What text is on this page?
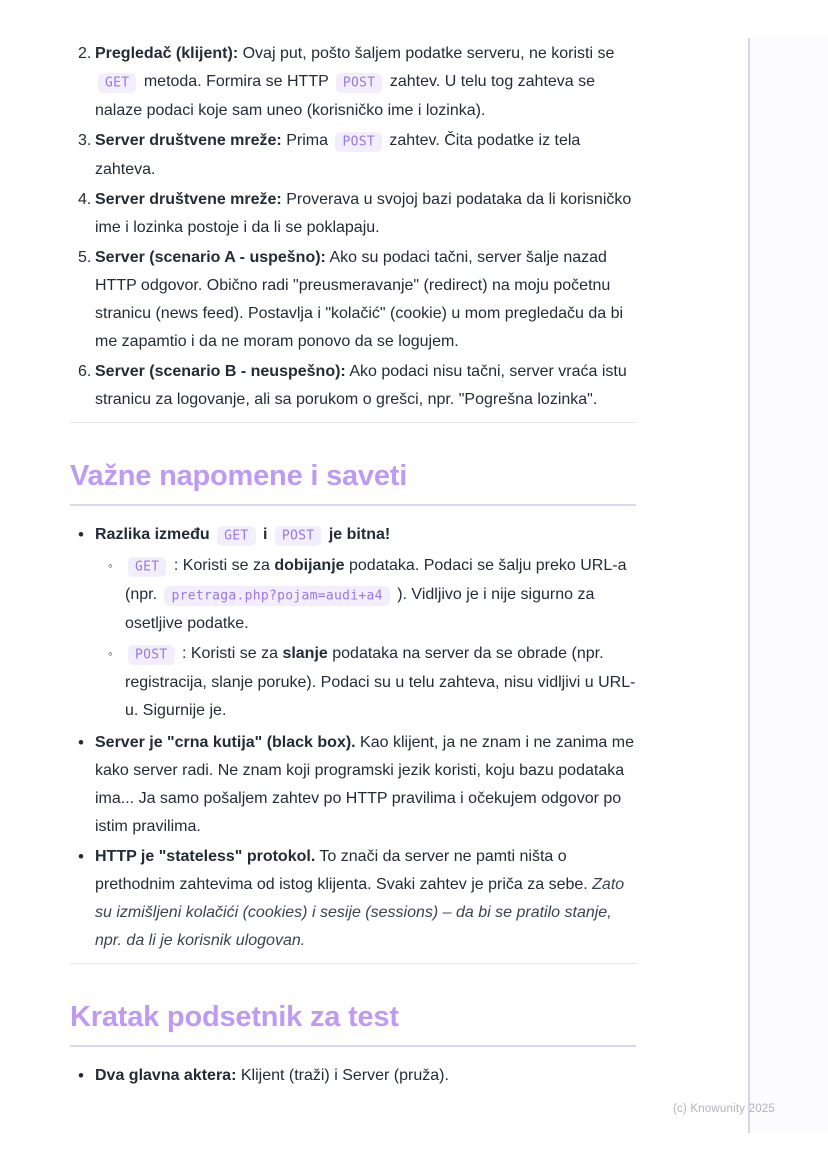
2. Pregledač (klijent): Ovaj put, pošto šaljem podatke serveru, ne koristi se GET metoda. Formira se HTTP POST zahtev. U telu tog zahteva se nalaze podaci koje sam uneo (korisničko ime i lozinka).
3. Server društvene mreže: Prima POST zahtev. Čita podatke iz tela zahteva.
4. Server društvene mreže: Proverava u svojoj bazi podataka da li korisničko ime i lozinka postoje i da li se poklapaju.
5. Server (scenario A - uspešno): Ako su podaci tačni, server šalje nazad HTTP odgovor. Obično radi "preusmeravanje" (redirect) na moju početnu stranicu (news feed). Postavlja i "kolačić" (cookie) u mom pregledaču da bi me zapamtio i da ne moram ponovo da se logujem.
6. Server (scenario B - neuspešno): Ako podaci nisu tačni, server vraća istu stranicu za logovanje, ali sa porukom o grešci, npr. "Pogrešna lozinka".
Važne napomene i saveti
• Razlika između GET i POST je bitna!
◦	GET : Koristi se za dobijanje podataka. Podaci se šalju preko URL-a (npr. pretraga.php?pojam=audi+a4 ). Vidljivo je i nije sigurno za osetljive podatke.
◦	POST : Koristi se za slanje podataka na server da se obrade (npr. registracija, slanje poruke). Podaci su u telu zahteva, nisu vidljivi u URL-u. Sigurnije je.
• Server je "crna kutija" (black box). Kao klijent, ja ne znam i ne zanima me kako server radi. Ne znam koji programski jezik koristi, koju bazu podataka ima... Ja samo pošaljem zahtev po HTTP pravilima i očekujem odgovor po istim pravilima.
• HTTP je "stateless" protokol. To znači da server ne pamti ništa o prethodnim zahtevima od istog klijenta. Svaki zahtev je priča za sebe. Zato su izmišljeni kolačići (cookies) i sesije (sessions) – da bi se pratilo stanje, npr. da li je korisnik ulogovan.
Kratak podsetnik za test
• Dva glavna aktera: Klijent (traži) i Server (pruža).
(c) Knowunity 2025
